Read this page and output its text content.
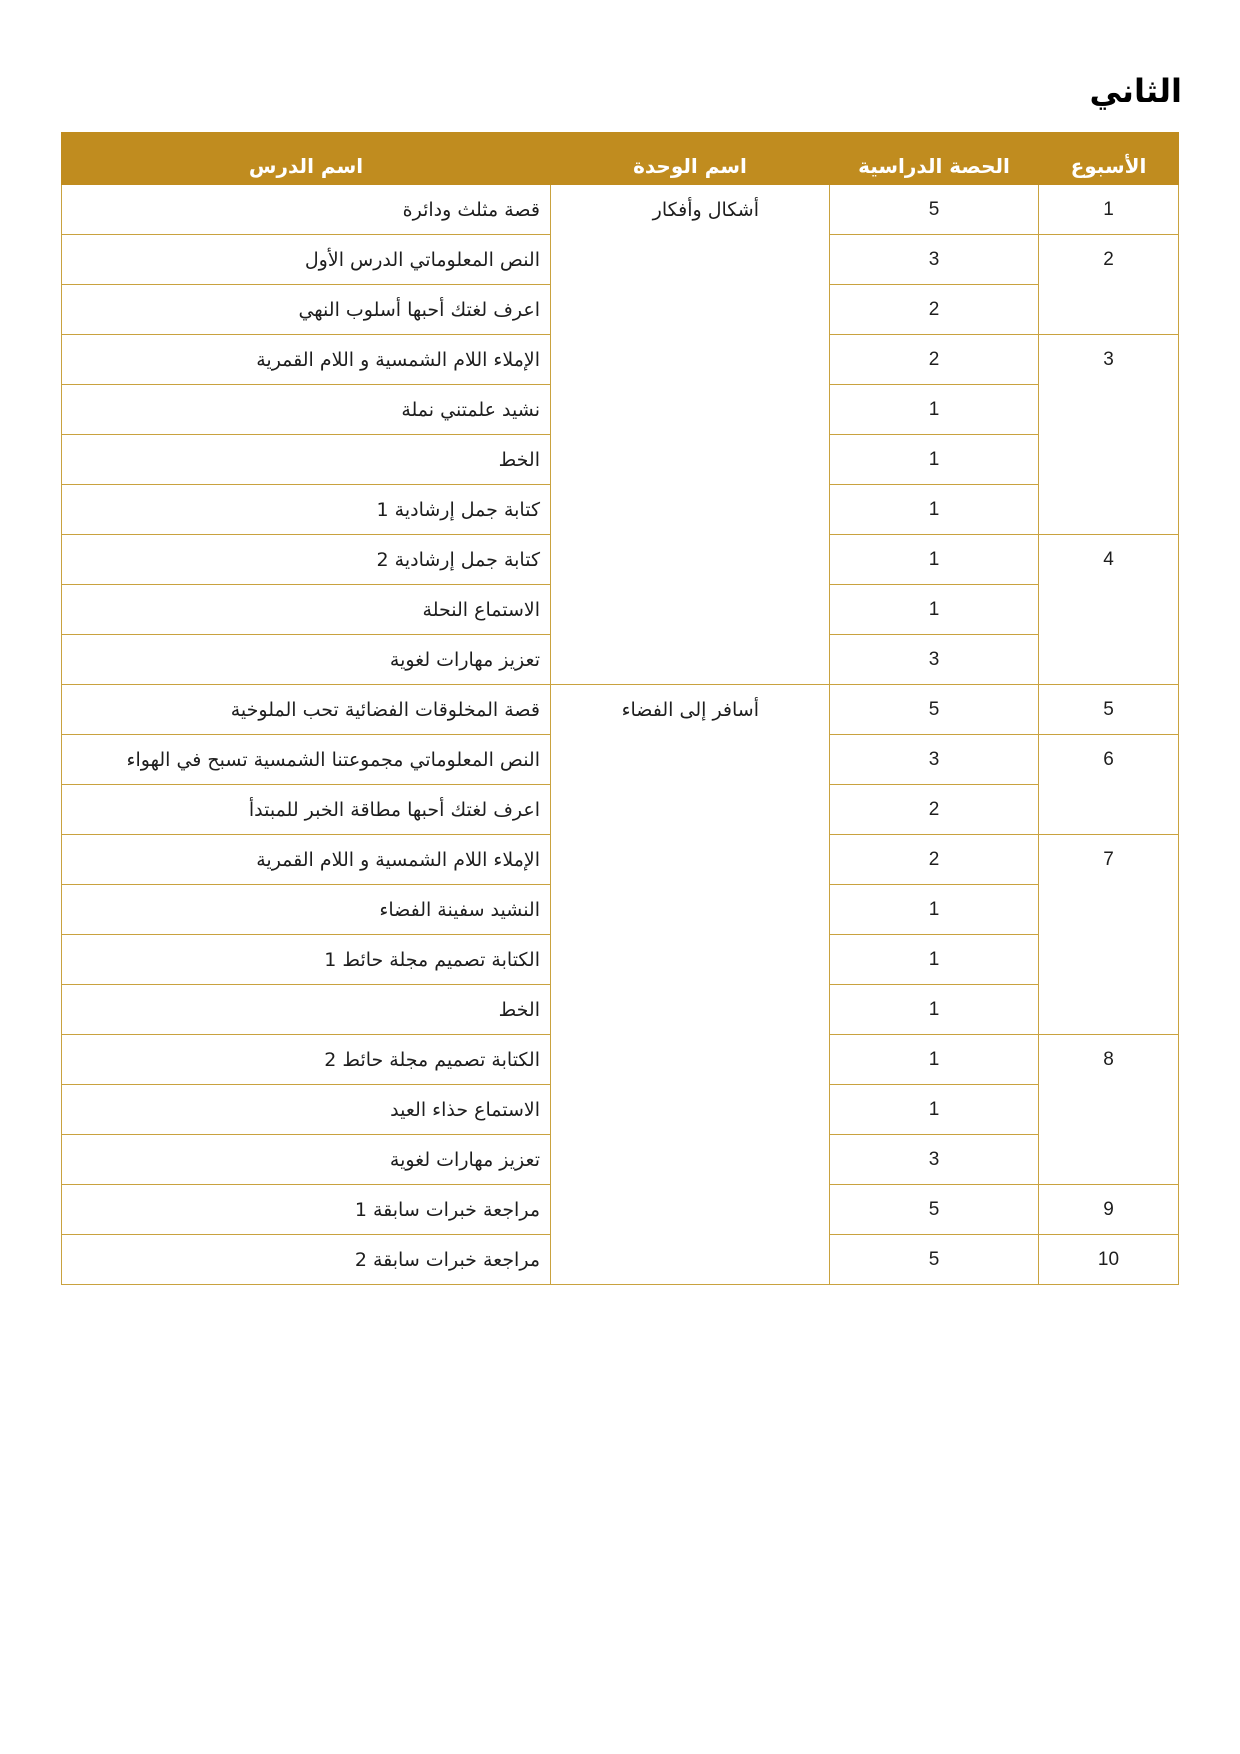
الثاني
الأسبوع	الحصة الدراسية	اسم الوحدة	اسم الدرس
1	5	أشكال وأفكار	قصة مثلث ودائرة
2	3		النص المعلوماتي الدرس الأول
	2		اعرف لغتك أحبها أسلوب النهي
3	2		الإملاء اللام الشمسية و اللام القمرية
	1		نشيد علمتني نملة
	1		الخط
	1		كتابة جمل إرشادية 1
4	1		كتابة جمل إرشادية 2
	1		الاستماع النحلة
	3		تعزيز مهارات لغوية
5	5	أسافر إلى الفضاء	قصة المخلوقات الفضائية تحب الملوخية
6	3		النص المعلوماتي مجموعتنا الشمسية تسبح في الهواء
	2		اعرف لغتك أحبها مطاقة الخبر للمبتدأ
7	2		الإملاء اللام الشمسية و اللام القمرية
	1		النشيد سفينة الفضاء
	1		الكتابة تصميم مجلة حائط 1
	1		الخط
8	1		الكتابة تصميم مجلة حائط 2
	1		الاستماع حذاء العيد
	3		تعزيز مهارات لغوية
9	5		مراجعة خبرات سابقة 1
10	5		مراجعة خبرات سابقة 2
